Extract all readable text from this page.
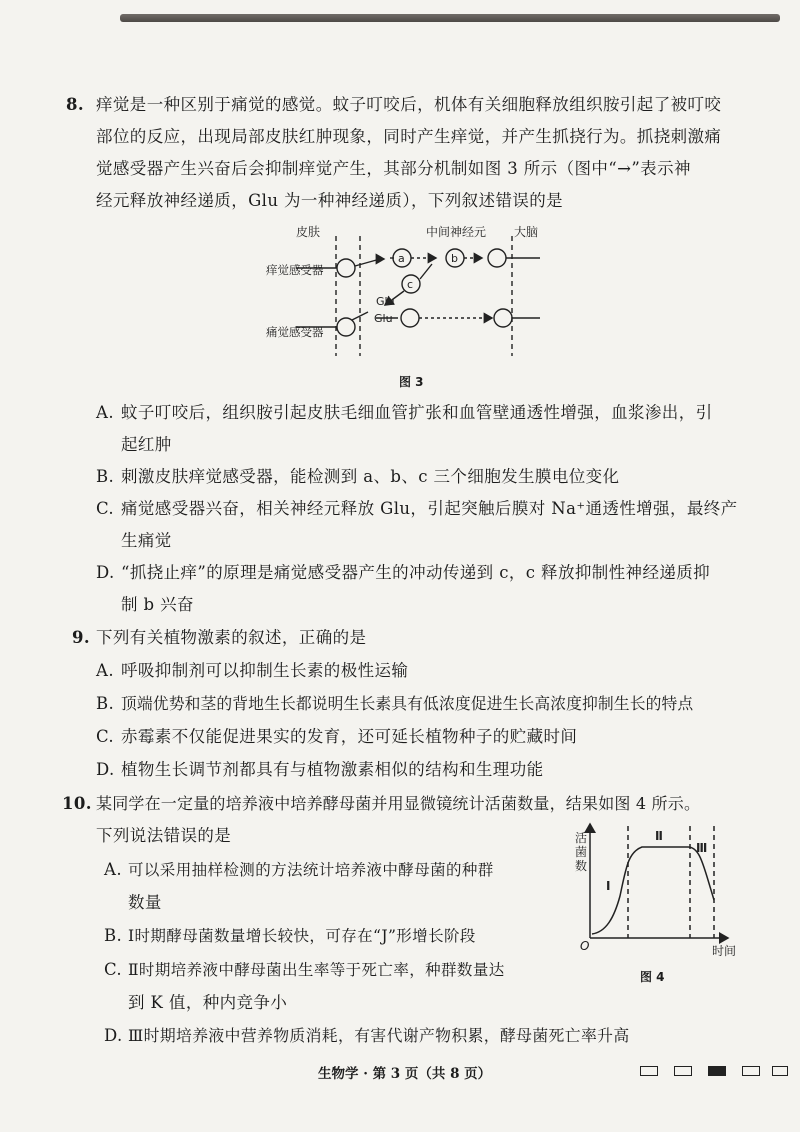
8. 痒觉是一种区别于痛觉的感觉。蚊子叮咬后，机体有关细胞释放组织胺引起了被叮咬
部位的反应，出现局部皮肤红肿现象，同时产生痒觉，并产生抓挠行为。抓挠刺激痛
觉感受器产生兴奋后会抑制痒觉产生，其部分机制如图 3 所示（图中“→”表示神
经元释放神经递质，Glu 为一种神经递质），下列叙述错误的是
皮肤	中间神经元 大脑
痒觉感受器
痛觉感受器
a	b
c
Glu
Glu
图 3
A. 蚊子叮咬后，组织胺引起皮肤毛细血管扩张和血管壁通透性增强，血浆渗出，引
起红肿
B. 刺激皮肤痒觉感受器，能检测到 a、b、c 三个细胞发生膜电位变化
C. 痛觉感受器兴奋，相关神经元释放 Glu，引起突触后膜对 Na⁺通透性增强，最终产
生痛觉
D. “抓挠止痒”的原理是痛觉感受器产生的冲动传递到 c，c 释放抑制性神经递质抑
制 b 兴奋
9. 下列有关植物激素的叙述，正确的是
A. 呼吸抑制剂可以抑制生长素的极性运输
B. 顶端优势和茎的背地生长都说明生长素具有低浓度促进生长高浓度抑制生长的特点
C. 赤霉素不仅能促进果实的发育，还可延长植物种子的贮藏时间
D. 植物生长调节剂都具有与植物激素相似的结构和生理功能
10. 某同学在一定量的培养液中培养酵母菌并用显微镜统计活菌数量，结果如图 4 所示。
下列说法错误的是
A. 可以采用抽样检测的方法统计培养液中酵母菌的种群
数量
B. Ⅰ时期酵母菌数量增长较快，可存在“J”形增长阶段
C. Ⅱ时期培养液中酵母菌出生率等于死亡率，种群数量达
到 K 值，种内竞争小
D. Ⅲ时期培养液中营养物质消耗，有害代谢产物积累，酵母菌死亡率升高
活
菌
数
O	时间
Ⅰ
Ⅱ
Ⅲ
图 4
生物学 · 第 3 页（共 8 页）
